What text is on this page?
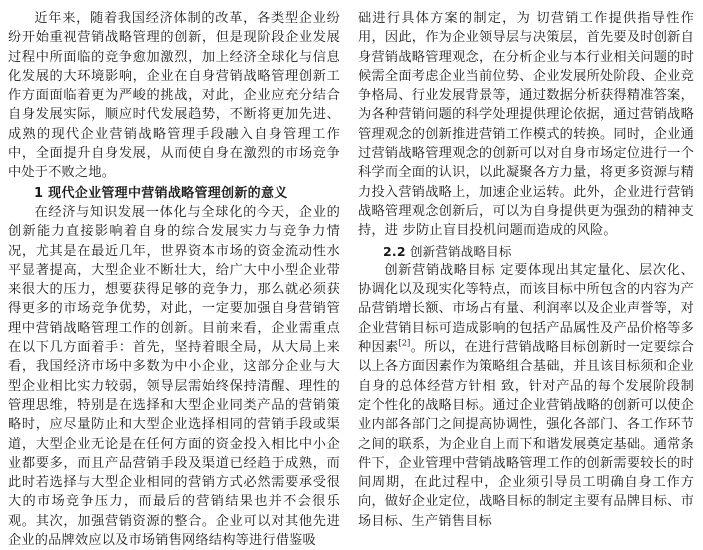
近年来，随着我国经济体制的改革，各类型企业纷纷开始重视营销战略管理的创新，但是现阶段企业发展过程中所面临的竞争愈加激烈，加上经济全球化与信息化发展的大环境影响，企业在自身营销战略管理创新工作方面面临着更为严峻的挑战，对此，企业应充分结合自身发展实际，顺应时代发展趋势，不断将更加先进、成熟的现代企业营销战略管理手段融入自身管理工作中，全面提升自身发展，从而使自身在激烈的市场竞争中处于不败之地。

1 现代企业管理中营销战略管理创新的意义

在经济与知识发展一体化与全球化的今天，企业的创新能力直接影响着自身的综合发展实力与竞争力情况，尤其是在最近几年，世界资本市场的资金流动性水平显著提高，大型企业不断壮大，给广大中小型企业带来很大的压力，想要获得足够的竞争力，那么就必须获得更多的市场竞争优势，对此，一定要加强自身营销管理中营销战略管理工作的创新。目前来看，企业需重点在以下几方面着手：首先，坚持着眼全局，从大局上来看，我国经济市场中多数为中小企业，这部分企业与大型企业相比实力较弱，领导层需始终保持清醒、理性的管理思维，特别是在选择和大型企业同类产品的营销策略时，应尽量防止和大型企业选择相同的营销手段或渠道，大型企业无论是在任何方面的资金投入相比中小企业都要多，而且产品营销手段及渠道已经趋于成熟，而此时若选择与大型企业相同的营销方式必然需要承受很大的市场竞争压力，而最后的营销结果也并不会很乐观。其次，加强营销资源的整合。企业可以对其他先进企业的品牌效应以及市场销售网络结构等进行借鉴吸

础进行具体方案的制定，为 切营销工作提供指导性作用，因此，作为企业领导层与决策层，首先要及时创新自身营销战略管理观念，在分析企业与本行业相关问题的时候需全面考虑企业当前位势、企业发展所处阶段、企业竞争格局、行业发展背景等，通过数据分析获得精准答案，为各种营销问题的科学处理提供理论依据，通过营销战略管理观念的创新推进营销工作模式的转换。同时，企业通过营销战略管理观念的创新可以对自身市场定位进行一个科学而全面的认识，以此凝聚各方力量，将更多资源与精力投入营销战略上，加速企业运转。此外，企业进行营销战略管理观念创新后，可以为自身提供更为强劲的精神支持，进 步防止盲目投机问题而造成的风险。

2.2 创新营销战略目标

创新营销战略目标 定要体现出其定量化、层次化、协调化以及现实化等特点，而该目标中所包含的内容为产品营销增长额、市场占有量、利润率以及企业声誉等，对企业营销目标可造成影响的包括产品属性及产品价格等多种因素[2]。所以，在进行营销战略目标创新时一定要综合以上各方面因素作为策略组合基础，并且该目标须和企业自身的总体经营方针相 致，针对产品的每个发展阶段制定个性化的战略目标。通过企业营销战略的创新可以使企业内部各部门之间提高协调性，强化各部门、各工作环节之间的联系，为企业自上而下和谐发展奠定基础。通常条件下，企业管理中营销战略管理工作的创新需要较长的时间周期，在此过程中，企业须引导员工明确自身工作方向，做好企业定位，战略目标的制定主要有品牌目标、市场目标、生产销售目标
